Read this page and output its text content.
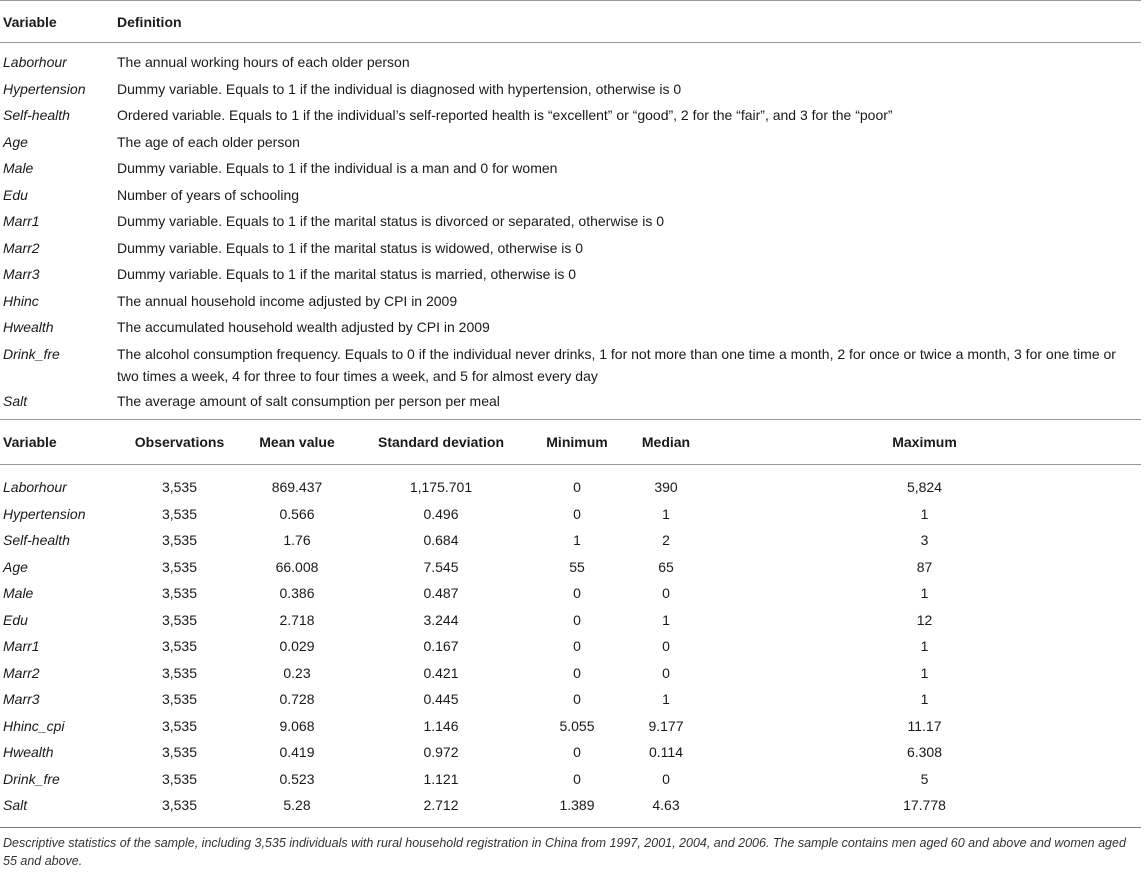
Variable	Definition
Laborhour	The annual working hours of each older person
Hypertension	Dummy variable. Equals to 1 if the individual is diagnosed with hypertension, otherwise is 0
Self-health	Ordered variable. Equals to 1 if the individual’s self-reported health is “excellent” or “good”, 2 for the “fair”, and 3 for the “poor”
Age	The age of each older person
Male	Dummy variable. Equals to 1 if the individual is a man and 0 for women
Edu	Number of years of schooling
Marr1	Dummy variable. Equals to 1 if the marital status is divorced or separated, otherwise is 0
Marr2	Dummy variable. Equals to 1 if the marital status is widowed, otherwise is 0
Marr3	Dummy variable. Equals to 1 if the marital status is married, otherwise is 0
Hhinc	The annual household income adjusted by CPI in 2009
Hwealth	The accumulated household wealth adjusted by CPI in 2009
Drink_fre	The alcohol consumption frequency. Equals to 0 if the individual never drinks, 1 for not more than one time a month, 2 for once or twice a month, 3 for one time or two times a week, 4 for three to four times a week, and 5 for almost every day
Salt	The average amount of salt consumption per person per meal
Variable	Observations	Mean value	Standard deviation	Minimum	Median	Maximum
Laborhour	3,535	869.437	1,175.701	0	390	5,824
Hypertension	3,535	0.566	0.496	0	1	1
Self-health	3,535	1.76	0.684	1	2	3
Age	3,535	66.008	7.545	55	65	87
Male	3,535	0.386	0.487	0	0	1
Edu	3,535	2.718	3.244	0	1	12
Marr1	3,535	0.029	0.167	0	0	1
Marr2	3,535	0.23	0.421	0	0	1
Marr3	3,535	0.728	0.445	0	1	1
Hhinc_cpi	3,535	9.068	1.146	5.055	9.177	11.17
Hwealth	3,535	0.419	0.972	0	0.114	6.308
Drink_fre	3,535	0.523	1.121	0	0	5
Salt	3,535	5.28	2.712	1.389	4.63	17.778
Descriptive statistics of the sample, including 3,535 individuals with rural household registration in China from 1997, 2001, 2004, and 2006. The sample contains men aged 60 and above and women aged 55 and above.
